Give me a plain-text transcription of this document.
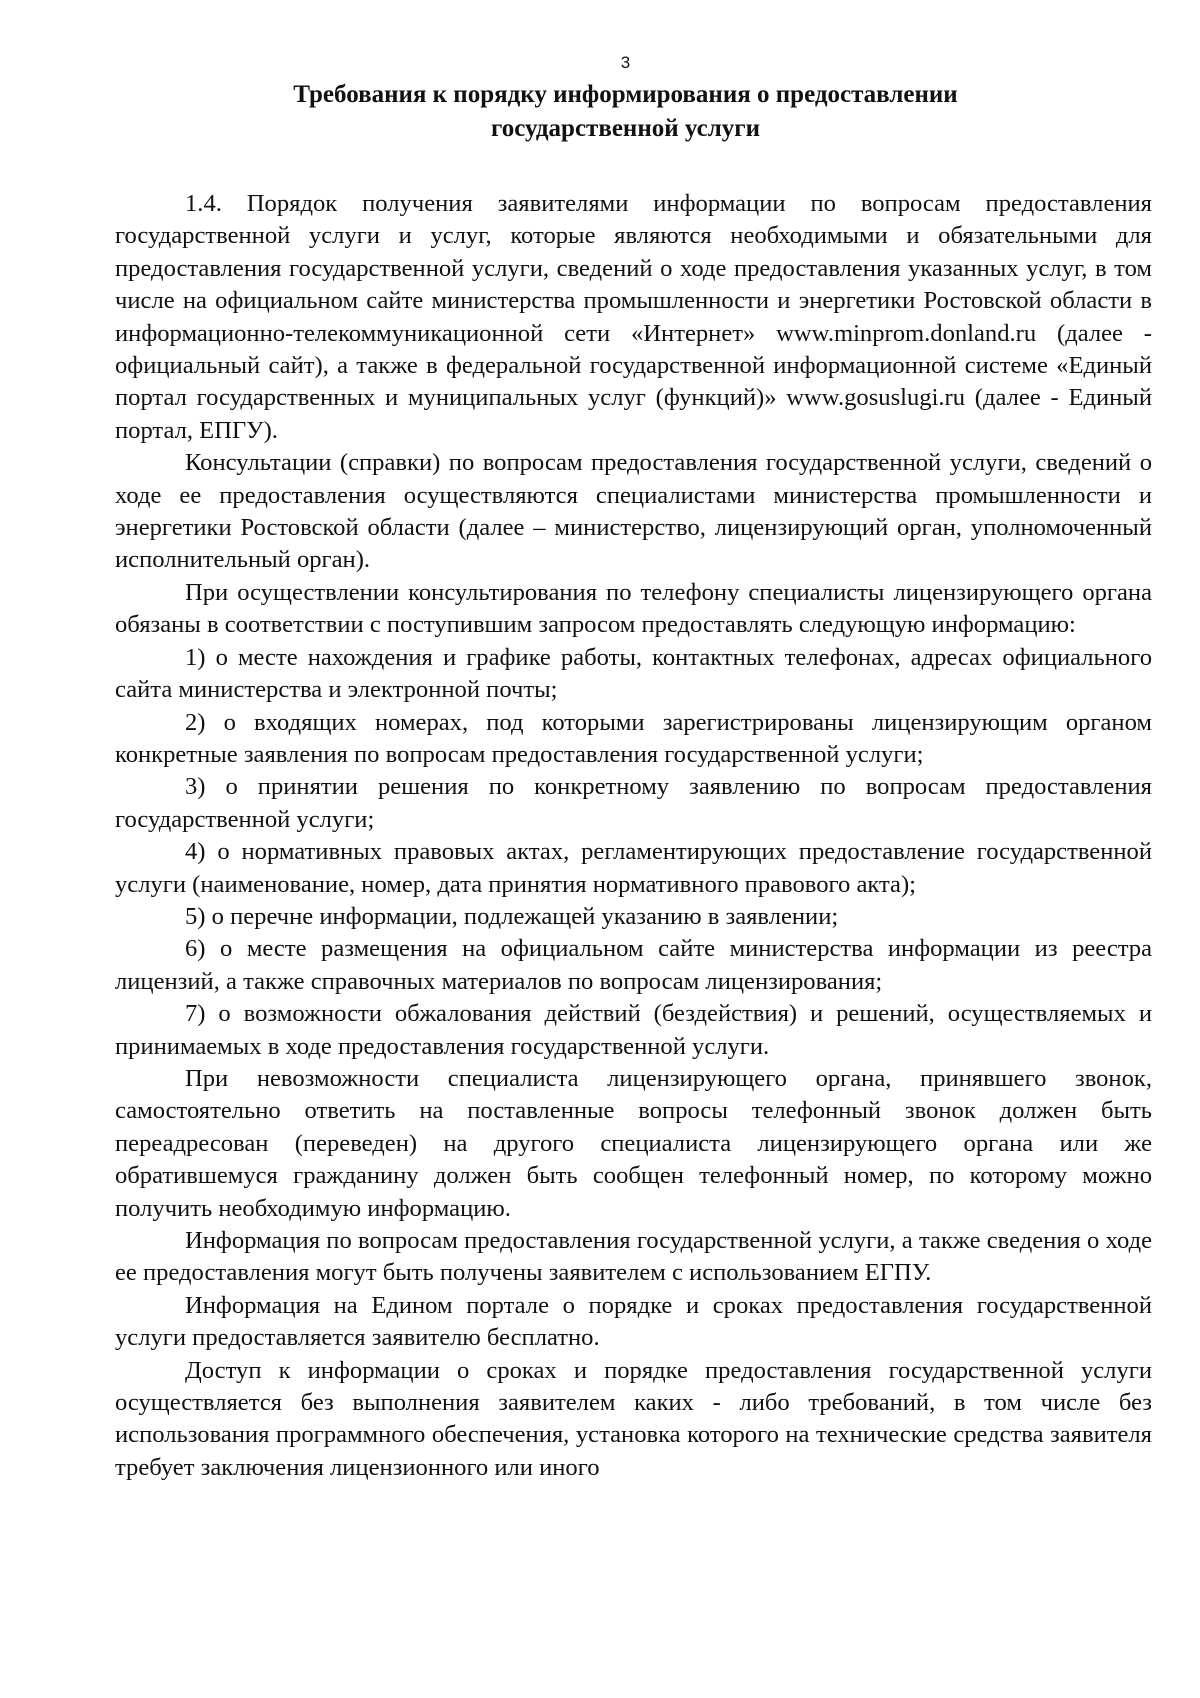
3
Требования к порядку информирования о предоставлении
государственной услуги

1.4. Порядок получения заявителями информации по вопросам предоставления государственной услуги и услуг, которые являются необходимыми и обязательными для предоставления государственной услуги, сведений о ходе предоставления указанных услуг, в том числе на официальном сайте министерства промышленности и энергетики Ростовской области в информационно-телекоммуникационной сети «Интернет» www.minprom.donland.ru (далее - официальный сайт), а также в федеральной государственной информационной системе «Единый портал государственных и муниципальных услуг (функций)» www.gosuslugi.ru (далее - Единый портал, ЕПГУ).

Консультации (справки) по вопросам предоставления государственной услуги, сведений о ходе ее предоставления осуществляются специалистами министерства промышленности и энергетики Ростовской области (далее – министерство, лицензирующий орган, уполномоченный исполнительный орган).

При осуществлении консультирования по телефону специалисты лицензирующего органа обязаны в соответствии с поступившим запросом предоставлять следующую информацию:

1) о месте нахождения и графике работы, контактных телефонах, адресах официального сайта министерства и электронной почты;

2) о входящих номерах, под которыми зарегистрированы лицензирующим органом конкретные заявления по вопросам предоставления государственной услуги;

3) о принятии решения по конкретному заявлению по вопросам предоставления государственной услуги;

4) о нормативных правовых актах, регламентирующих предоставление государственной услуги (наименование, номер, дата принятия нормативного правового акта);

5) о перечне информации, подлежащей указанию в заявлении;

6) о месте размещения на официальном сайте министерства информации из реестра лицензий, а также справочных материалов по вопросам лицензирования;

7) о возможности обжалования действий (бездействия) и решений, осуществляемых и принимаемых в ходе предоставления государственной услуги.

При невозможности специалиста лицензирующего органа, принявшего звонок, самостоятельно ответить на поставленные вопросы телефонный звонок должен быть переадресован (переведен) на другого специалиста лицензирующего органа или же обратившемуся гражданину должен быть сообщен телефонный номер, по которому можно получить необходимую информацию.

Информация по вопросам предоставления государственной услуги, а также сведения о ходе ее предоставления могут быть получены заявителем с использованием ЕГПУ.

Информация на Едином портале о порядке и сроках предоставления государственной услуги предоставляется заявителю бесплатно.

Доступ к информации о сроках и порядке предоставления государственной услуги осуществляется без выполнения заявителем каких - либо требований, в том числе без использования программного обеспечения, установка которого на технические средства заявителя требует заключения лицензионного или иного
